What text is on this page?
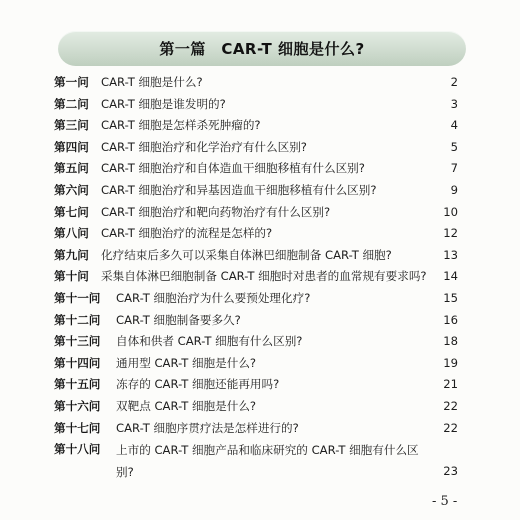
第一篇　CAR-T 细胞是什么?
第一问 CAR-T 细胞是什么?	2
第二问 CAR-T 细胞是谁发明的?	3
第三问 CAR-T 细胞是怎样杀死肿瘤的?	4
第四问 CAR-T 细胞治疗和化学治疗有什么区别?	5
第五问 CAR-T 细胞治疗和自体造血干细胞移植有什么区别?	7
第六问 CAR-T 细胞治疗和异基因造血干细胞移植有什么区别?	9
第七问 CAR-T 细胞治疗和靶向药物治疗有什么区别?	10
第八问 CAR-T 细胞治疗的流程是怎样的?	12
第九问 化疗结束后多久可以采集自体淋巴细胞制备 CAR-T 细胞?	13
第十问 采集自体淋巴细胞制备 CAR-T 细胞时对患者的血常规有要求吗? 14
第十一问 CAR-T 细胞治疗为什么要预处理化疗?	15
第十二问 CAR-T 细胞制备要多久?	16
第十三问 自体和供者 CAR-T 细胞有什么区别?	18
第十四问 通用型 CAR-T 细胞是什么?	19
第十五问 冻存的 CAR-T 细胞还能再用吗?	21
第十六问 双靶点 CAR-T 细胞是什么?	22
第十七问 CAR-T 细胞序贯疗法是怎样进行的?	22
第十八问 上市的 CAR-T 细胞产品和临床研究的 CAR-T 细胞有什么区别?	23
- 5 -
